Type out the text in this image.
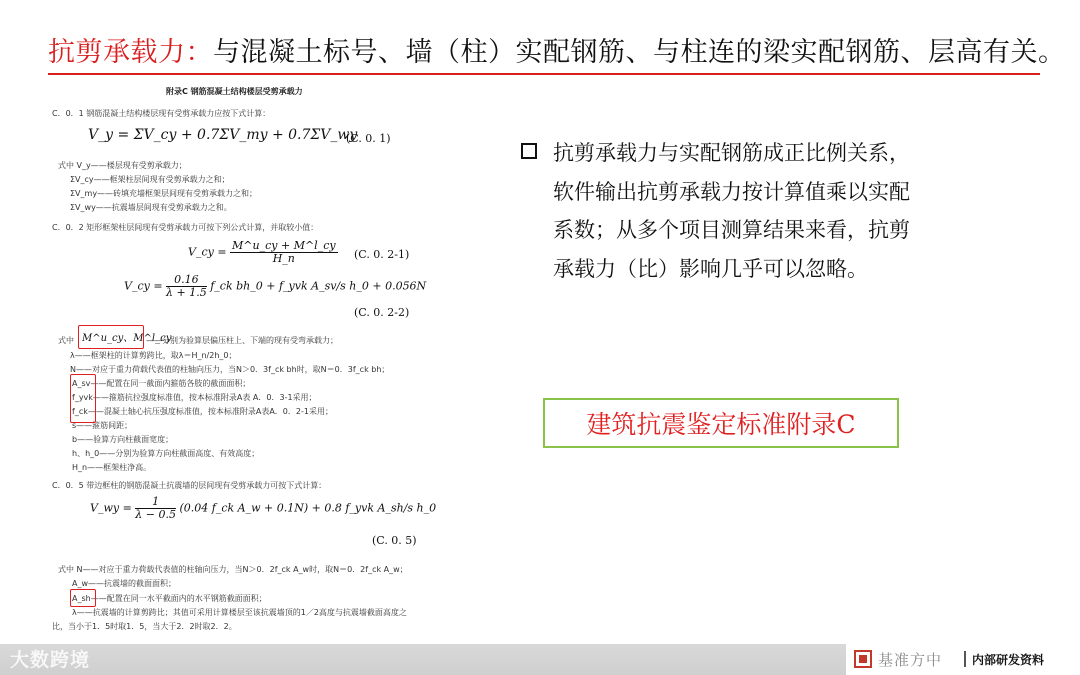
抗剪承载力：与混凝土标号、墙（柱）实配钢筋、与柱连的梁实配钢筋、层高有关。
附录C 钢筋混凝土结构楼层受剪承载力
C．0．1 钢筋混凝土结构楼层现有受剪承载力应按下式计算：
V_y = ΣV_cy + 0.7ΣV_my + 0.7ΣV_wy
(C. 0. 1)
式中 V_y——楼层现有受剪承载力；
ΣV_cy——框架柱层间现有受剪承载力之和；
ΣV_my——砖填充墙框架层间现有受剪承载力之和；
ΣV_wy——抗震墙层间现有受剪承载力之和。
C．0．2 矩形框架柱层间现有受剪承载力可按下列公式计算，并取较小值：
V_cy = $\frac{M\^{}u\_cy + M\^{}l\_cy}{H\_n} (C$. 0. 2-1)
V_cy = $\frac{0.16}{\lambda + 1.5}$ f_ck bh_0 + f_yvk A_sv/s h_0 + 0.056N
(C. 0. 2-2)
式中 M^u_cy、M^l_cy
——分别为验算层偏压柱上、下端的现有受弯承载力；
λ——框架柱的计算剪跨比，取λ＝H_n/2h_0；
N——对应于重力荷载代表值的柱轴向压力，当N＞0．3f_ck bh时，取N＝0．3f_ck bh；
A_sv——配置在同一截面内箍筋各肢的截面面积；
f_yvk——箍筋抗拉强度标准值，按本标准附录A表 A．0．3-1采用；
f_ck——混凝土轴心抗压强度标准值，按本标准附录A表A．0．2-1采用；
s——箍筋间距；
b——验算方向柱截面宽度；
h、h_0——分别为验算方向柱截面高度、有效高度；
H_n——框架柱净高。
C．0．5 带边框柱的钢筋混凝土抗震墙的层间现有受剪承载力可按下式计算：
V_wy = $\frac{1}{\lambda - 0.5} (0.04$ f_ck A_w + 0.1N) + 0.8 f_yvk A_sh/s h_0
(C. 0. 5)
式中 N——对应于重力荷载代表值的柱轴向压力，当N＞0．2f_ck A_w时，取N＝0．2f_ck A_w；
A_w——抗震墙的截面面积；
A_sh——配置在同一水平截面内的水平钢筋截面面积；
λ——抗震墙的计算剪跨比；其值可采用计算楼层至该抗震墙顶的1／2高度与抗震墙截面高度之
比，当小于1．5时取1．5，当大于2．2时取2．2。
抗剪承载力与实配钢筋成正比例关系，软件输出抗剪承载力按计算值乘以实配系数；从多个项目测算结果来看，抗剪承载力（比）影响几乎可以忽略。
建筑抗震鉴定标准附录C
大数跨境	基准方中 内部研发资料
